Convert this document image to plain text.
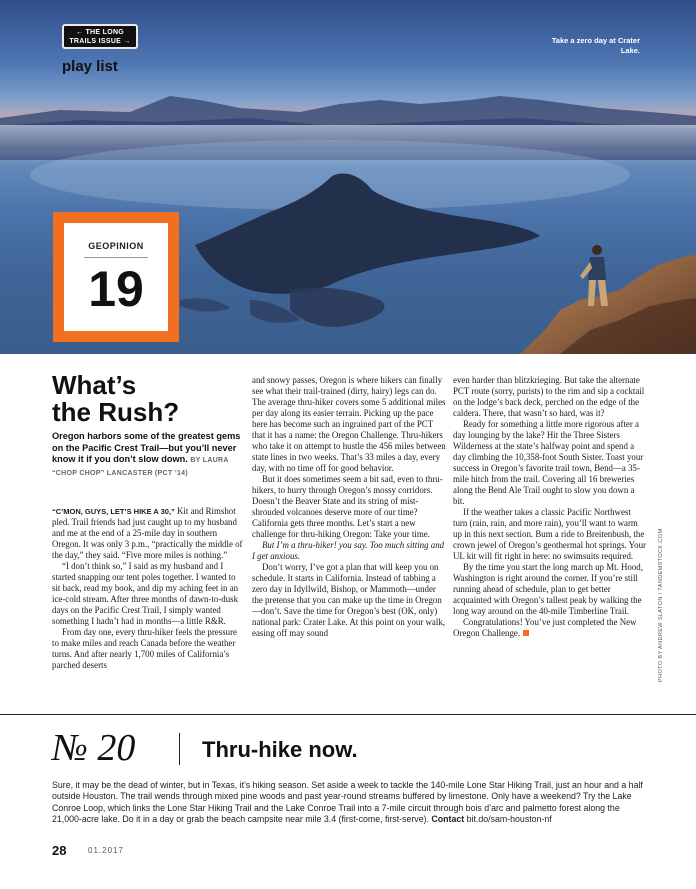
← THE LONG
TRAILS ISSUE →
play list
Take a zero day at Crater Lake.
GEOPINION
19
What’s
the Rush?
Oregon harbors some of the greatest gems on the Pacific Crest Trail—but you’ll never know it if you don’t slow down. BY LAURA “CHOP CHOP” LANCASTER (PCT ’14)

“C’MON, GUYS, LET’S HIKE A 30,” Kit and Rimshot pled. Trail friends had just caught up to my husband and me at the end of a 25-mile day in southern Oregon. It was only 3 p.m., “practically the middle of the day,” they said. “Five more miles is nothing.”

“I don’t think so,” I said as my husband and I started snapping our tent poles together. I wanted to sit back, read my book, and dip my aching feet in an ice-cold stream. After three months of dawn-to-dusk days on the Pacific Crest Trail, I simply wanted something I hadn’t had in months—a little R&R.

From day one, every thru-hiker feels the pressure to make miles and reach Canada before the weather turns. And after nearly 1,700 miles of California’s parched deserts

and snowy passes, Oregon is where hikers can finally see what their trail-trained (dirty, hairy) legs can do. The average thru-hiker covers some 5 additional miles per day along its easier terrain. Picking up the pace here has become such an ingrained part of the PCT that it has a name: the Oregon Challenge. Thru-hikers who take it on attempt to hustle the 456 miles between state lines in two weeks. That’s 33 miles a day, every day, with no time off for good behavior.

But it does sometimes seem a bit sad, even to thru-hikers, to hurry through Oregon’s mossy corridors. Doesn’t the Beaver State and its string of mist-shrouded volcanoes deserve more of our time? California gets three months. Let’s start a new challenge for thru-hiking Oregon: Take your time.

But I’m a thru-hiker! you say. Too much sitting and I get anxious.

Don’t worry, I’ve got a plan that will keep you on schedule. It starts in California. Instead of tabbing a zero day in Idyllwild, Bishop, or Mammoth—under the pretense that you can make up the time in Oregon—don’t. Save the time for Oregon’s best (OK, only) national park: Crater Lake. At this point on your walk, easing off may sound

even harder than blitzkrieging. But take the alternate PCT route (sorry, purists) to the rim and sip a cocktail on the lodge’s back deck, perched on the edge of the caldera. There, that wasn’t so hard, was it?

Ready for something a little more rigorous after a day lounging by the lake? Hit the Three Sisters Wilderness at the state’s halfway point and spend a day climbing the 10,358-foot South Sister. Toast your success in Oregon’s favorite trail town, Bend—a 35-mile hitch from the trail. Covering all 16 breweries along the Bend Ale Trail ought to slow you down a bit.

If the weather takes a classic Pacific Northwest turn (rain, rain, and more rain), you’ll want to warm up in this next section. Bum a ride to Breitenbush, the crown jewel of Oregon’s geothermal hot springs. Your UL kit will fit right in here: no swimsuits required.

By the time you start the long march up Mt. Hood, Washington is right around the corner. If you’re still running ahead of schedule, plan to get better acquainted with Oregon’s tallest peak by walking the long way around on the 40-mile Timberline Trail.

Congratulations! You’ve just completed the New Oregon Challenge.	PHOTO BY ANDREW SLATON / TANDEMSTOCK.COM
№ 20	Thru-hike now.
Sure, it may be the dead of winter, but in Texas, it’s hiking season. Set aside a week to tackle the 140-mile Lone Star Hiking Trail, just an hour and a half outside Houston. The trail wends through mixed pine woods and past year-round streams buffered by limestone. Only have a weekend? Try the Lake Conroe Loop, which links the Lone Star Hiking Trail and the Lake Conroe Trail into a 7-mile circuit through bois d’arc and palmetto forest along the 21,000-acre lake. Do it in a day or grab the beach campsite near mile 3.4 (first-come, first-serve). Contact bit.do/sam-houston-nf
28	01.2017
